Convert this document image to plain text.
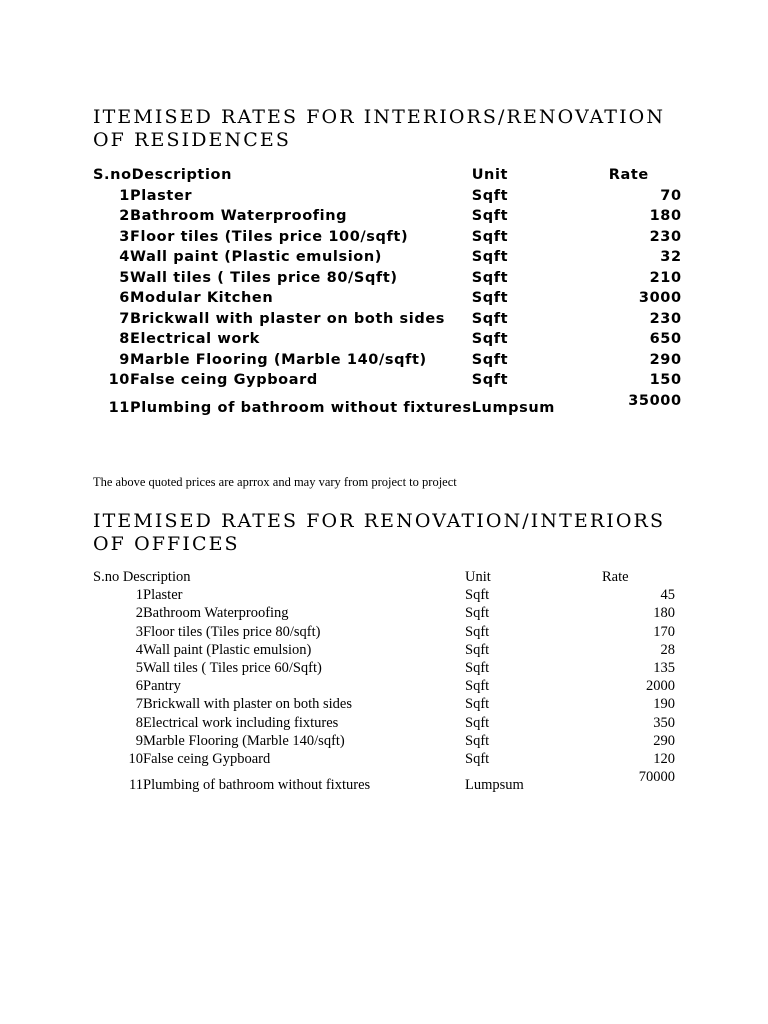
ITEMISED RATES FOR INTERIORS/RENOVATION
OF RESIDENCES
S.noDescription		Unit	Rate
1	Plaster	Sqft	70
2	Bathroom Waterproofing	Sqft	180
3	Floor tiles (Tiles price 100/sqft)	Sqft	230
4	Wall paint (Plastic emulsion)	Sqft	32
5	Wall tiles ( Tiles price 80/Sqft)	Sqft	210
6	Modular Kitchen	Sqft	3000
7	Brickwall with plaster on both sides	Sqft	230
8	Electrical work	Sqft	650
9	Marble Flooring (Marble 140/sqft)	Sqft	290
10	False ceing Gypboard	Sqft	150
11	Plumbing of bathroom without fixtures	Lumpsum	35000

The above quoted prices are aprrox and may vary from project to project

ITEMISED RATES FOR RENOVATION/INTERIORS
OF OFFICES
S.no Description			Unit	Rate
	1	Plaster	Sqft	45
	2	Bathroom Waterproofing	Sqft	180
	3	Floor tiles (Tiles price 80/sqft)	Sqft	170
	4	Wall paint (Plastic emulsion)	Sqft	28
	5	Wall tiles ( Tiles price 60/Sqft)	Sqft	135
	6	Pantry	Sqft	2000
	7	Brickwall with plaster on both sides	Sqft	190
	8	Electrical work including fixtures	Sqft	350
	9	Marble Flooring (Marble 140/sqft)	Sqft	290
	10	False ceing Gypboard	Sqft	120
	11	Plumbing of bathroom without fixtures	Lumpsum	70000
